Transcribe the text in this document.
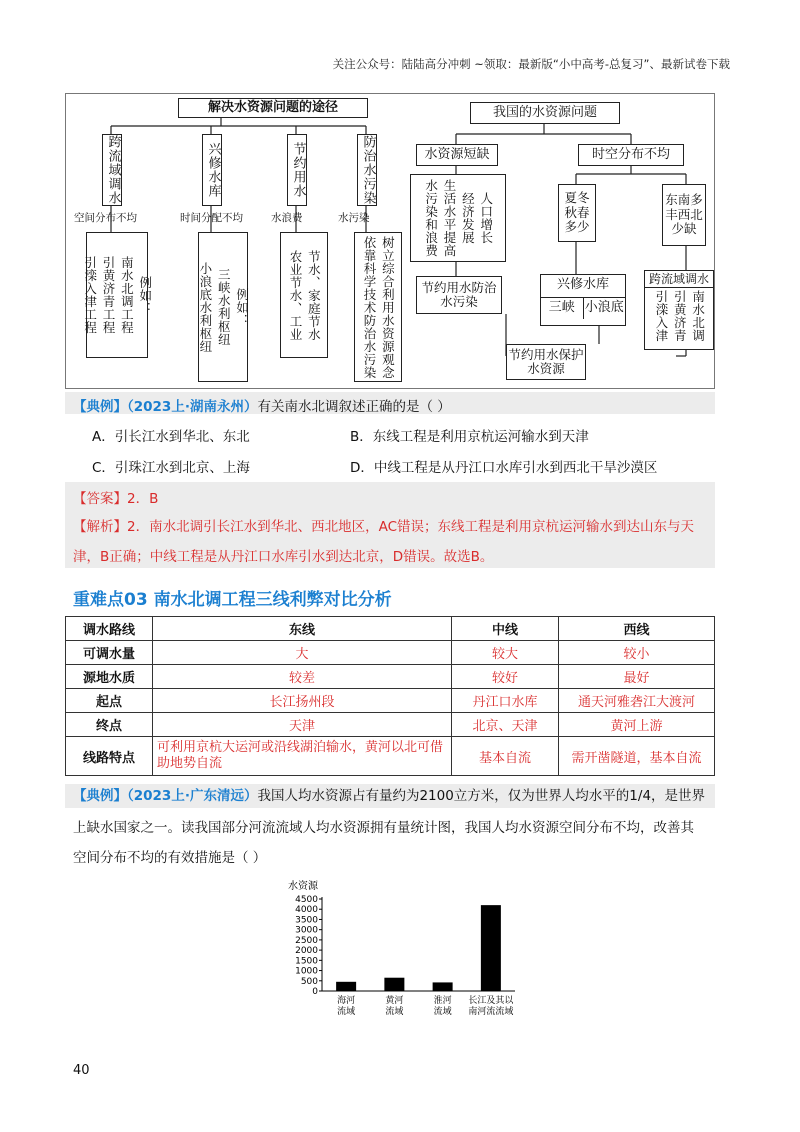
关注公众号：陆陆高分冲刺 ~领取：最新版“小中高考-总复习”、最新试卷下载
解决水资源问题的途径	我国的水资源问题
跨流域调水	兴修水库	节约用水	防治水污染
空间分布不均	时间分配不均	水浪费	水污染
例如：
南水北调工程
引黄济青工程
引滦入津工程	例如：
三峡水利枢纽
小浪底水利枢纽	节水、家庭节水
农业节水、工业	树立综合利用水资源观念
依靠科学技术防治水污染
水资源短缺	时空分布不均
人口增长
经济发展
生活水平提高
水污染和浪费	夏冬秋春多少
东南多丰西北少缺
节约用水防治水污染
兴修水库
三峡 小浪底
跨流域调水
南水北调
引黄济青
引滦入津
节约用水保护水资源
【典例】（2023上·湖南永州）有关南水北调叙述正确的是（ ）
A．引长江水到华北、东北	B．东线工程是利用京杭运河输水到天津
C．引珠江水到北京、上海	D．中线工程是从丹江口水库引水到西北干旱沙漠区
【答案】2．B
【解析】2．南水北调引长江水到华北、西北地区，AC错误；东线工程是利用京杭运河输水到达山东与天
津，B正确；中线工程是从丹江口水库引水到达北京，D错误。故选B。
重难点03 南水北调工程三线利弊对比分析
调水路线	东线	中线	西线
可调水量	大	较大	较小
源地水质	较差	较好	最好
起点	长江扬州段	丹江口水库	通天河雅砻江大渡河
终点	天津	北京、天津	黄河上游
线路特点	可利用京杭大运河或沿线湖泊输水，黄河以北可借助地势自流	基本自流	需开凿隧道，基本自流
【典例】（2023上·广东清远）我国人均水资源占有量约为2100立方米，仅为世界人均水平的1/4，是世界
上缺水国家之一。读我国部分河流流域人均水资源拥有量统计图，我国人均水资源空间分布不均，改善其
空间分布不均的有效措施是（ ）
水资源
0
500
1000
1500
2000
2500
3000
3500
4000
4500
海河
流域
黄河
流域
淮河
流域
长江及其以
南河流流域
40
